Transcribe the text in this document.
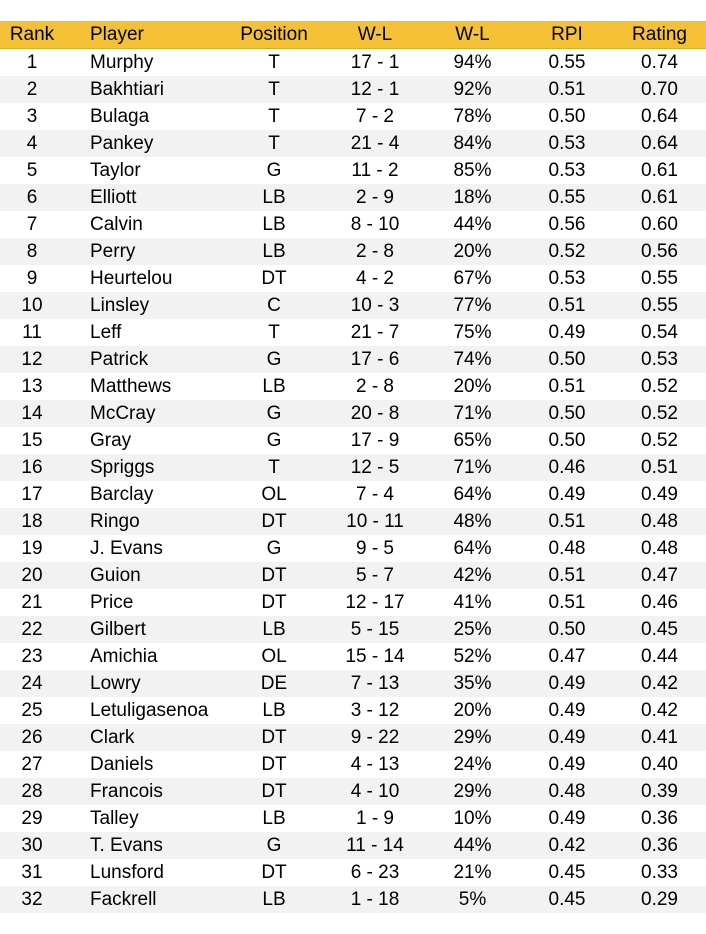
Rank	Player	Position	W-L	W-L	RPI	Rating
1	Murphy	T	17 - 1	94%	0.55	0.74
2	Bakhtiari	T	12 - 1	92%	0.51	0.70
3	Bulaga	T	7 - 2	78%	0.50	0.64
4	Pankey	T	21 - 4	84%	0.53	0.64
5	Taylor	G	11 - 2	85%	0.53	0.61
6	Elliott	LB	2 - 9	18%	0.55	0.61
7	Calvin	LB	8 - 10	44%	0.56	0.60
8	Perry	LB	2 - 8	20%	0.52	0.56
9	Heurtelou	DT	4 - 2	67%	0.53	0.55
10	Linsley	C	10 - 3	77%	0.51	0.55
11	Leff	T	21 - 7	75%	0.49	0.54
12	Patrick	G	17 - 6	74%	0.50	0.53
13	Matthews	LB	2 - 8	20%	0.51	0.52
14	McCray	G	20 - 8	71%	0.50	0.52
15	Gray	G	17 - 9	65%	0.50	0.52
16	Spriggs	T	12 - 5	71%	0.46	0.51
17	Barclay	OL	7 - 4	64%	0.49	0.49
18	Ringo	DT	10 - 11	48%	0.51	0.48
19	J. Evans	G	9 - 5	64%	0.48	0.48
20	Guion	DT	5 - 7	42%	0.51	0.47
21	Price	DT	12 - 17	41%	0.51	0.46
22	Gilbert	LB	5 - 15	25%	0.50	0.45
23	Amichia	OL	15 - 14	52%	0.47	0.44
24	Lowry	DE	7 - 13	35%	0.49	0.42
25	Letuligasenoa	LB	3 - 12	20%	0.49	0.42
26	Clark	DT	9 - 22	29%	0.49	0.41
27	Daniels	DT	4 - 13	24%	0.49	0.40
28	Francois	DT	4 - 10	29%	0.48	0.39
29	Talley	LB	1 - 9	10%	0.49	0.36
30	T. Evans	G	11 - 14	44%	0.42	0.36
31	Lunsford	DT	6 - 23	21%	0.45	0.33
32	Fackrell	LB	1 - 18	5%	0.45	0.29
